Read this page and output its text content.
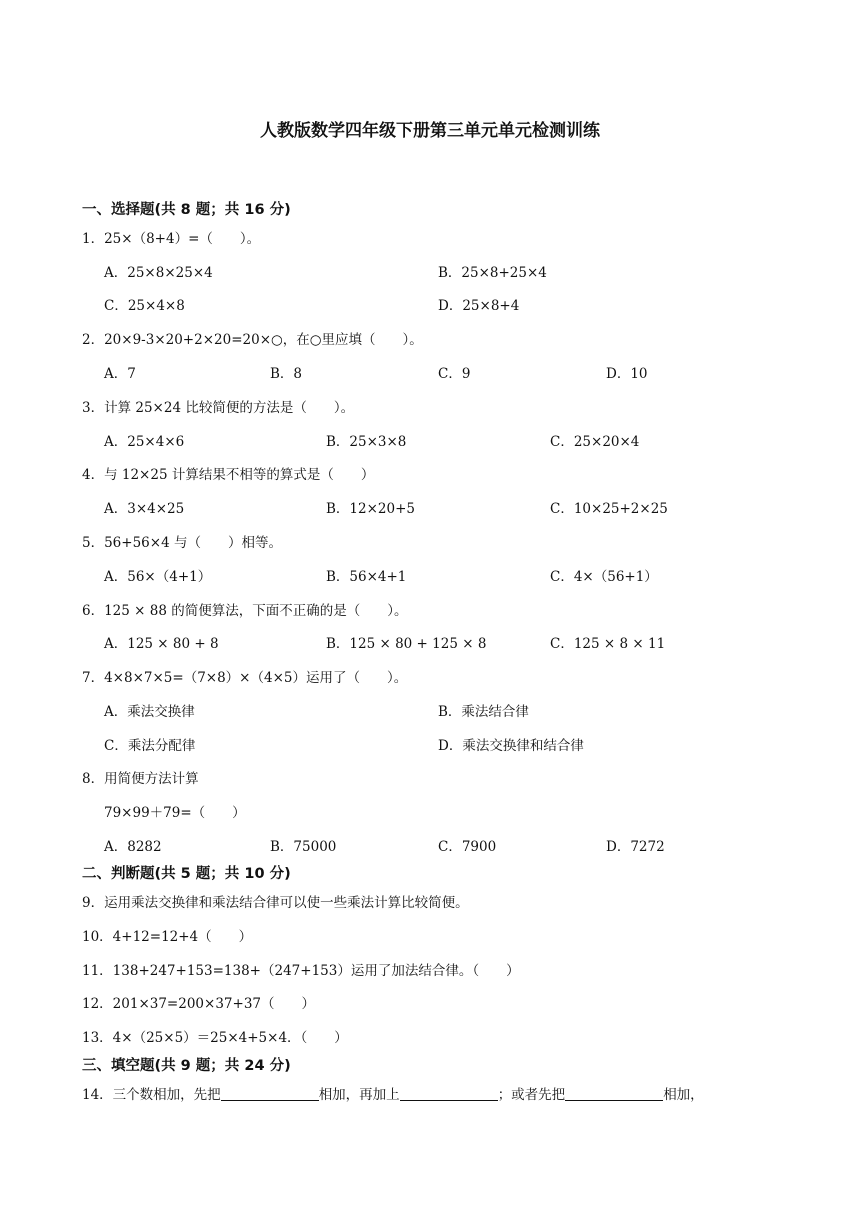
人教版数学四年级下册第三单元单元检测训练
一、选择题(共 8 题；共 16 分)
1．25×（8+4）=（　　）。
A．25×8×25×4	B．25×8+25×4
C．25×4×8	D．25×8+4
2．20×9-3×20+2×20=20×○，在○里应填（　　）。
A．7	B．8	C．9	D．10
3．计算 25×24 比较简便的方法是（　　）。
A．25×4×6	B．25×3×8	C．25×20×4
4．与 12×25 计算结果不相等的算式是（　　）
A．3×4×25	B．12×20+5	C．10×25+2×25
5．56+56×4 与（　　）相等。
A．56×（4+1）	B．56×4+1	C．4×（56+1）
6．125 × 88 的简便算法，下面不正确的是（　　）。
A．125 × 80 + 8	B．125 × 80 + 125 × 8	C．125 × 8 × 11
7．4×8×7×5=（7×8）×（4×5）运用了（　　）。
A．乘法交换律	B．乘法结合律
C．乘法分配律	D．乘法交换律和结合律
8．用简便方法计算
79×99＋79=（　　）
A．8282	B．75000	C．7900	D．7272
二、判断题(共 5 题；共 10 分)
9．运用乘法交换律和乘法结合律可以使一些乘法计算比较简便。
10．4+12=12+4（　　）
11．138+247+153=138+（247+153）运用了加法结合律。（　　）
12．201×37=200×37+37（　　）
13．4×（25×5）＝25×4+5×4．（　　）
三、填空题(共 9 题；共 24 分)
14．三个数相加，先把	相加，再加上	；或者先把	相加，
